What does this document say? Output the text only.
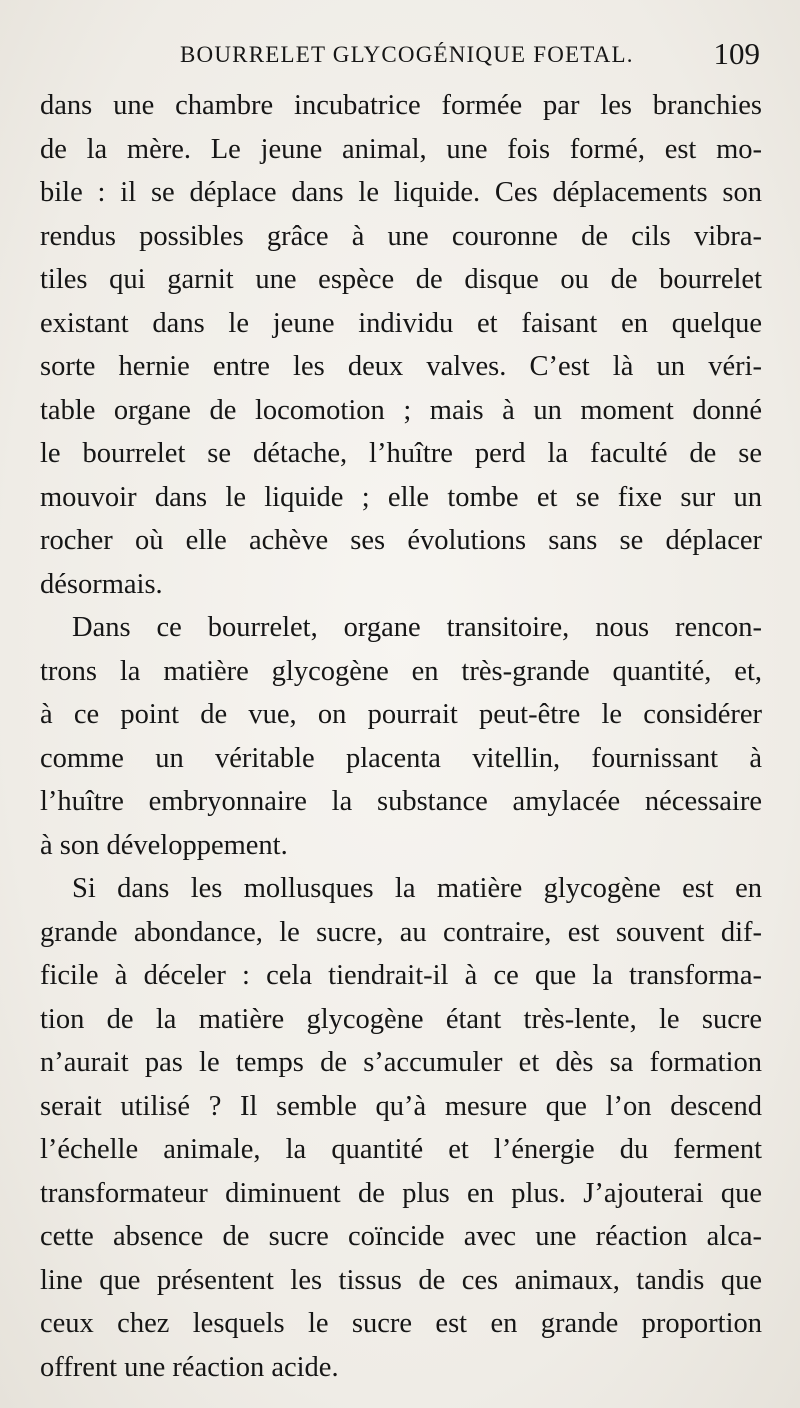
BOURRELET GLYCOGÉNIQUE FOETAL.	109
dans une chambre incubatrice formée par les branchies
de la mère. Le jeune animal, une fois formé, est mo-
bile : il se déplace dans le liquide. Ces déplacements son
rendus possibles grâce à une couronne de cils vibra-
tiles qui garnit une espèce de disque ou de bourrelet
existant dans le jeune individu et faisant en quelque
sorte hernie entre les deux valves. C’est là un véri-
table organe de locomotion ; mais à un moment donné
le bourrelet se détache, l’huître perd la faculté de se
mouvoir dans le liquide ; elle tombe et se fixe sur un
rocher où elle achève ses évolutions sans se déplacer
désormais.
Dans ce bourrelet, organe transitoire, nous rencon-
trons la matière glycogène en très-grande quantité, et,
à ce point de vue, on pourrait peut-être le considérer
comme un véritable placenta vitellin, fournissant à
l’huître embryonnaire la substance amylacée nécessaire
à son développement.
Si dans les mollusques la matière glycogène est en
grande abondance, le sucre, au contraire, est souvent dif-
ficile à déceler : cela tiendrait-il à ce que la transforma-
tion de la matière glycogène étant très-lente, le sucre
n’aurait pas le temps de s’accumuler et dès sa formation
serait utilisé ? Il semble qu’à mesure que l’on descend
l’échelle animale, la quantité et l’énergie du ferment
transformateur diminuent de plus en plus. J’ajouterai que
cette absence de sucre coïncide avec une réaction alca-
line que présentent les tissus de ces animaux, tandis que
ceux chez lesquels le sucre est en grande proportion
offrent une réaction acide.
